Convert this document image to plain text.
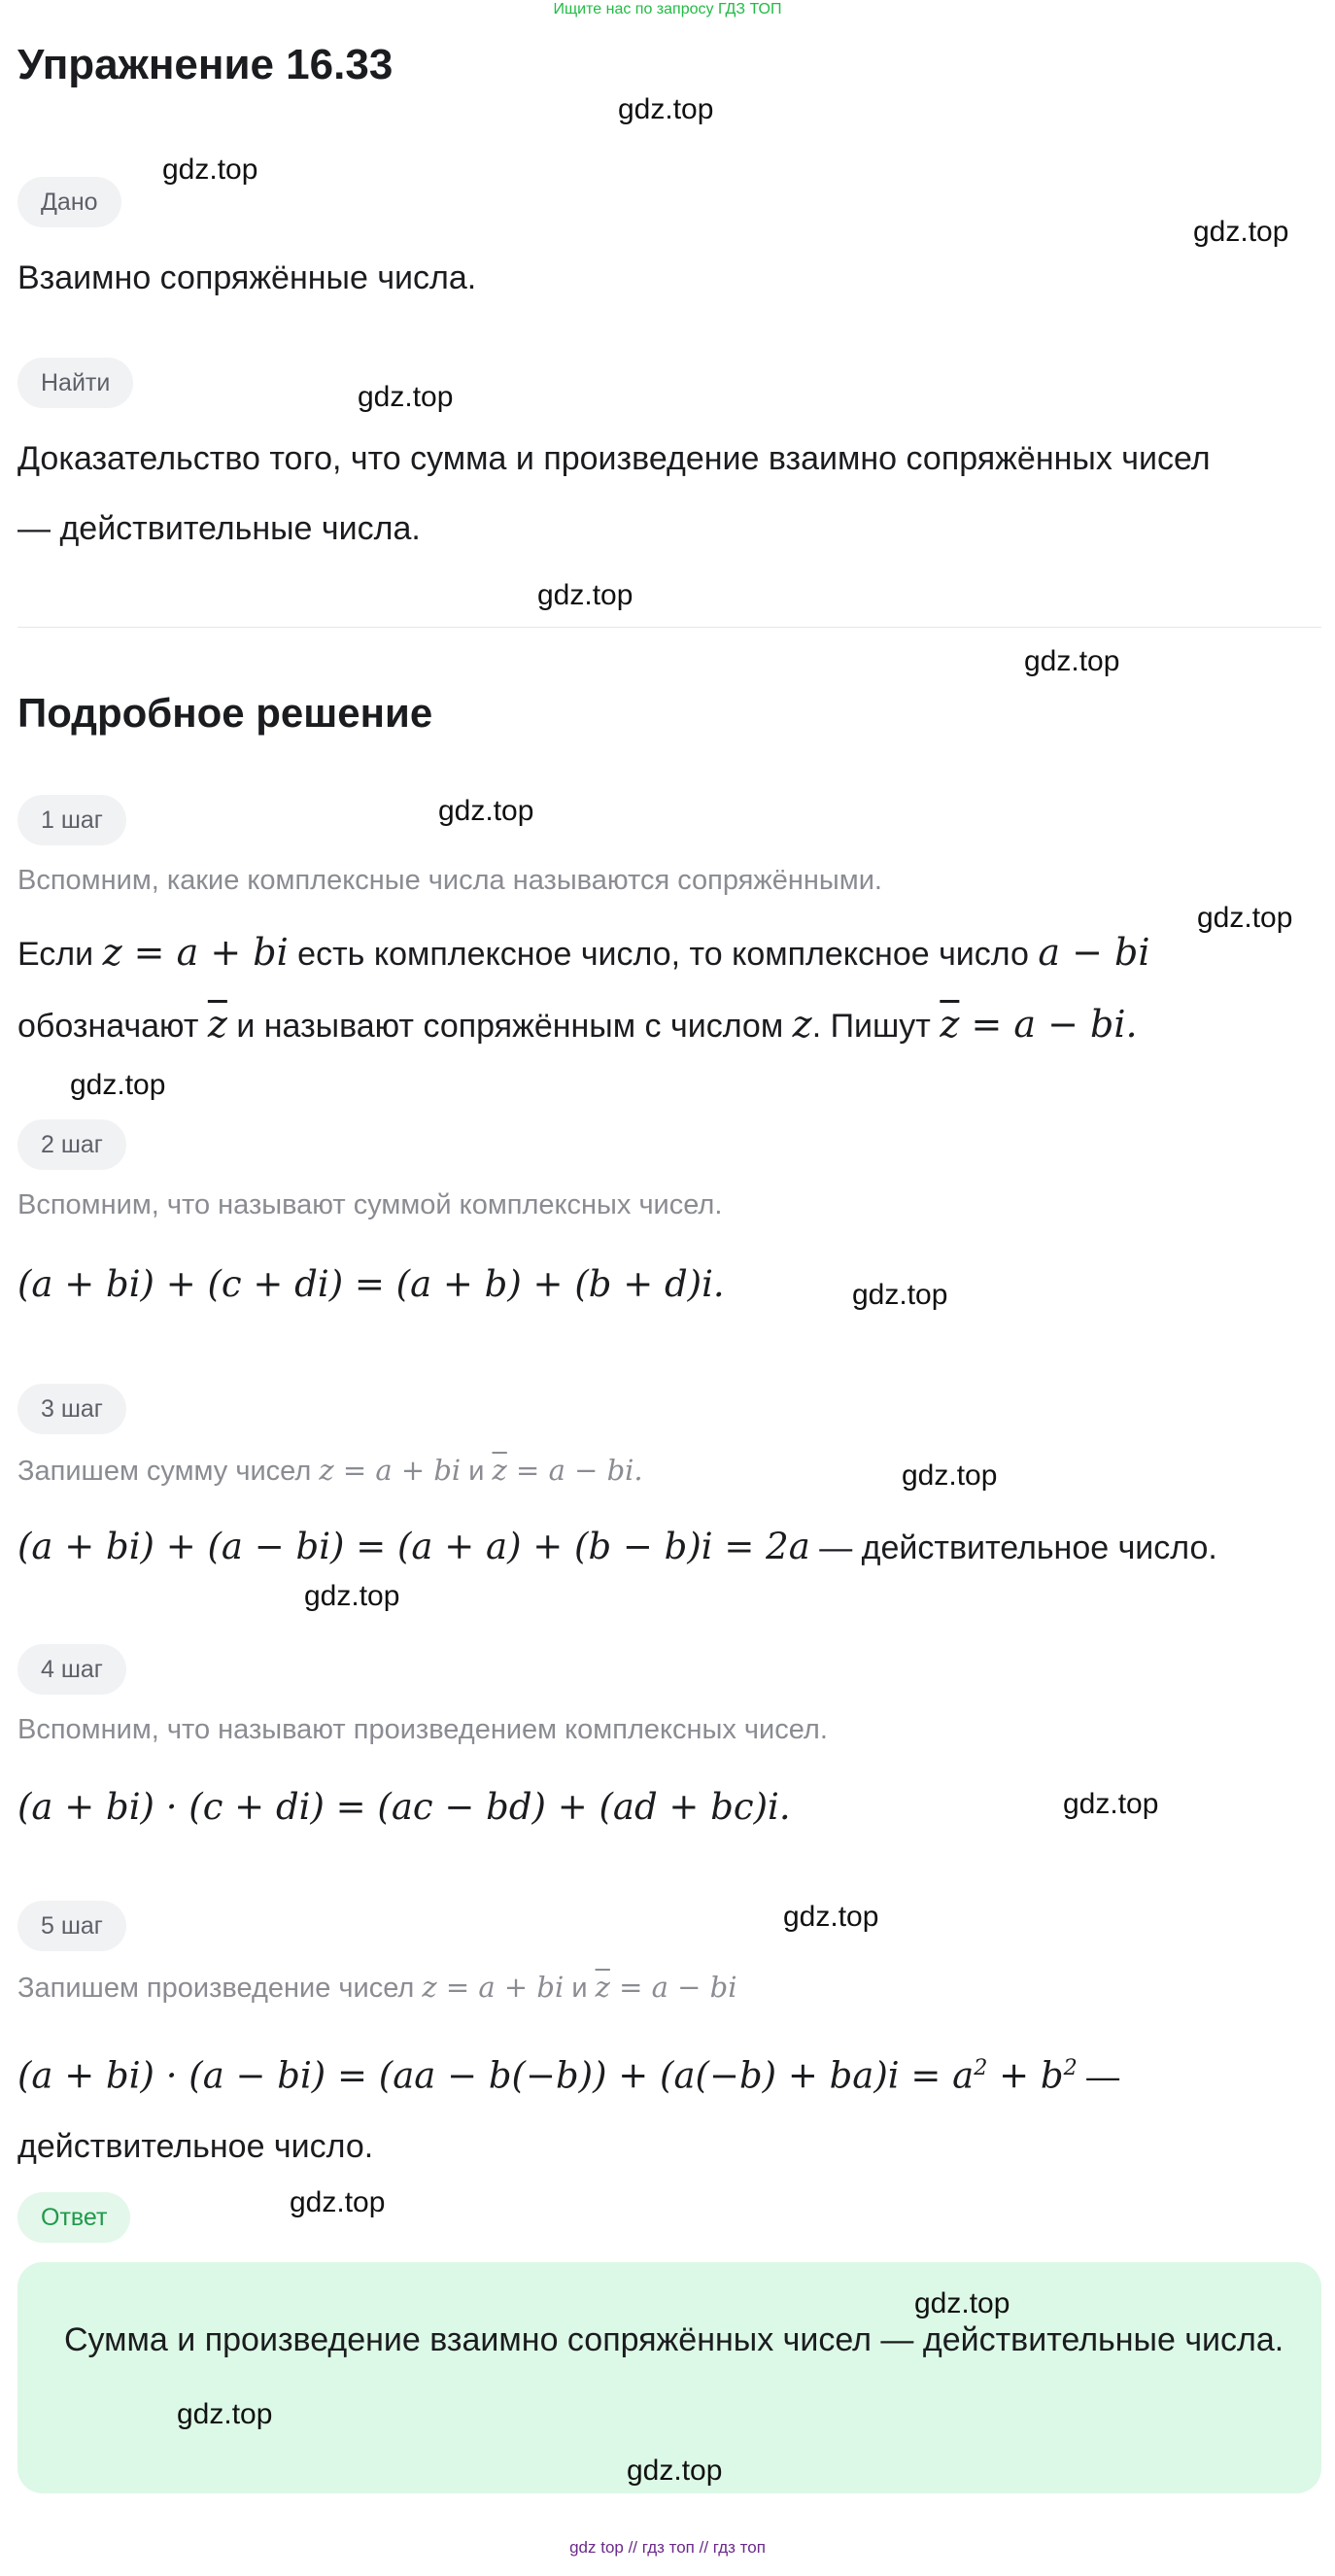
Ищите нас по запросу ГДЗ ТОП
Упражнение 16.33
Дано
Взаимно сопряжённые числа.
Найти
Доказательство того, что сумма и произведение взаимно сопряжённых чисел
— действительные числа.
Подробное решение
1 шаг
Вспомним, какие комплексные числа называются сопряжёнными.
Если z = a + bi есть комплексное число, то комплексное число a − bi
обозначают $\overline{z}$ и называют сопряжённым с числом z. Пишут $\overline{z} = a$ − bi.
2 шаг
Вспомним, что называют суммой комплексных чисел.
(a + bi) + (c + di) = (a + b) + (b + d)i.
3 шаг
Запишем сумму чисел z = a + bi и $\overline{z} = a$ − bi.
(a + bi) + (a − bi) = (a + a) + (b − b)i = 2a — действительное число.
4 шаг
Вспомним, что называют произведением комплексных чисел.
(a + bi) · (c + di) = (ac − bd) + (ad + bc)i.
5 шаг
Запишем произведение чисел z = a + bi и $\overline{z} = a$ − bi
$(a + bi) \cdot (a - bi) = (aa - b(-b)) + (a(-b) + ba)i = a^2 + b^2$ —
действительное число.
Ответ
Сумма и произведение взаимно сопряжённых чисел — действительные числа.
gdz.top
gdz.top
gdz.top
gdz.top
gdz.top
gdz.top
gdz.top
gdz.top
gdz.top
gdz.top
gdz.top
gdz.top
gdz.top
gdz.top
gdz.top
gdz.top
gdz.top
gdz.top
gdz top // гдз топ // гдз топ
